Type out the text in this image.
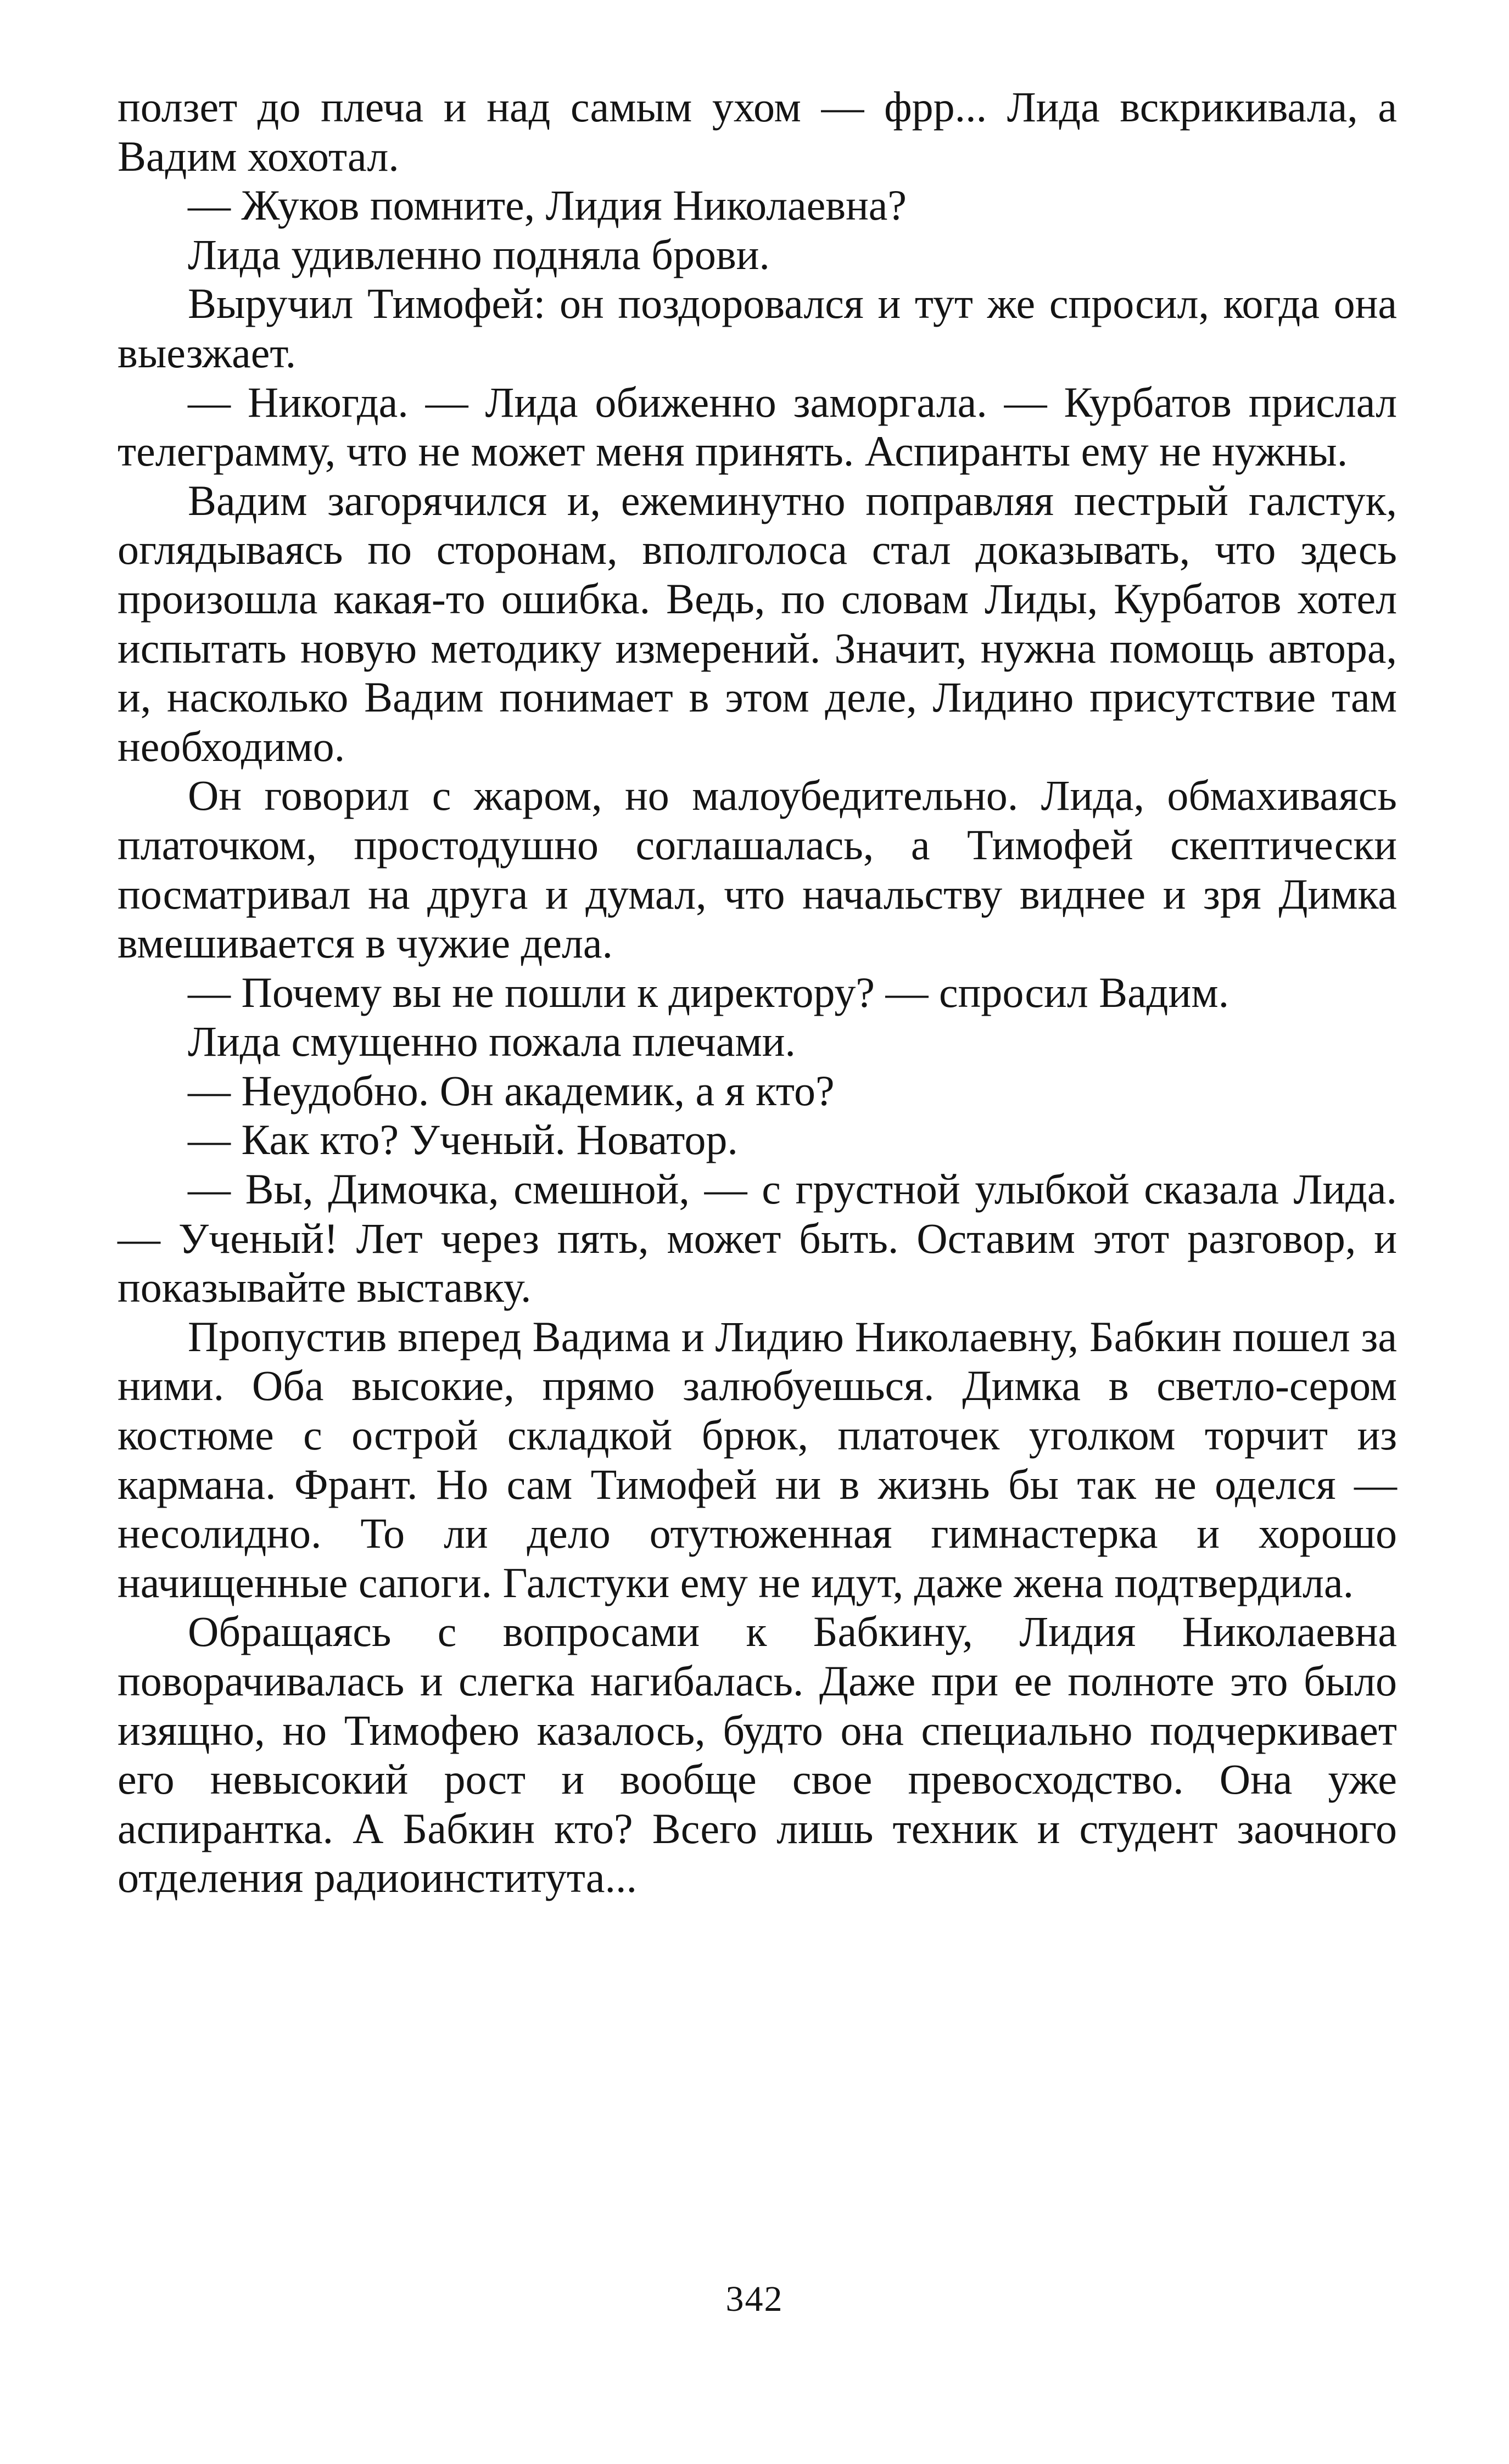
ползет до плеча и над самым ухом — фрр... Лида вскрикивала, а Вадим хохотал.

— Жуков помните, Лидия Николаевна?

Лида удивленно подняла брови.

Выручил Тимофей: он поздоровался и тут же спросил, когда она выезжает.

— Никогда. — Лида обиженно заморгала. — Курбатов прислал телеграмму, что не может меня принять. Аспиранты ему не нужны.

Вадим загорячился и, ежеминутно поправляя пестрый галстук, оглядываясь по сторонам, вполголоса стал доказывать, что здесь произошла какая-то ошибка. Ведь, по словам Лиды, Курбатов хотел испытать новую методику измерений. Значит, нужна помощь автора, и, насколько Вадим понимает в этом деле, Лидино присутствие там необходимо.

Он говорил с жаром, но малоубедительно. Лида, обмахиваясь платочком, простодушно соглашалась, а Тимофей скептически посматривал на друга и думал, что начальству виднее и зря Димка вмешивается в чужие дела.

— Почему вы не пошли к директору? — спросил Вадим.

Лида смущенно пожала плечами.

— Неудобно. Он академик, а я кто?

— Как кто? Ученый. Новатор.

— Вы, Димочка, смешной, — с грустной улыбкой сказала Лида. — Ученый! Лет через пять, может быть. Оставим этот разговор, и показывайте выставку.

Пропустив вперед Вадима и Лидию Николаевну, Бабкин пошел за ними. Оба высокие, прямо залюбуешься. Димка в светло-сером костюме с острой складкой брюк, платочек уголком торчит из кармана. Франт. Но сам Тимофей ни в жизнь бы так не оделся — несолидно. То ли дело отутюженная гимнастерка и хорошо начищенные сапоги. Галстуки ему не идут, даже жена подтвердила.

Обращаясь с вопросами к Бабкину, Лидия Николаевна поворачивалась и слегка нагибалась. Даже при ее полноте это было изящно, но Тимофею казалось, будто она специально подчеркивает его невысокий рост и вообще свое превосходство. Она уже аспирантка. А Бабкин кто? Всего лишь техник и студент заочного отделения радиоинститута...

342
